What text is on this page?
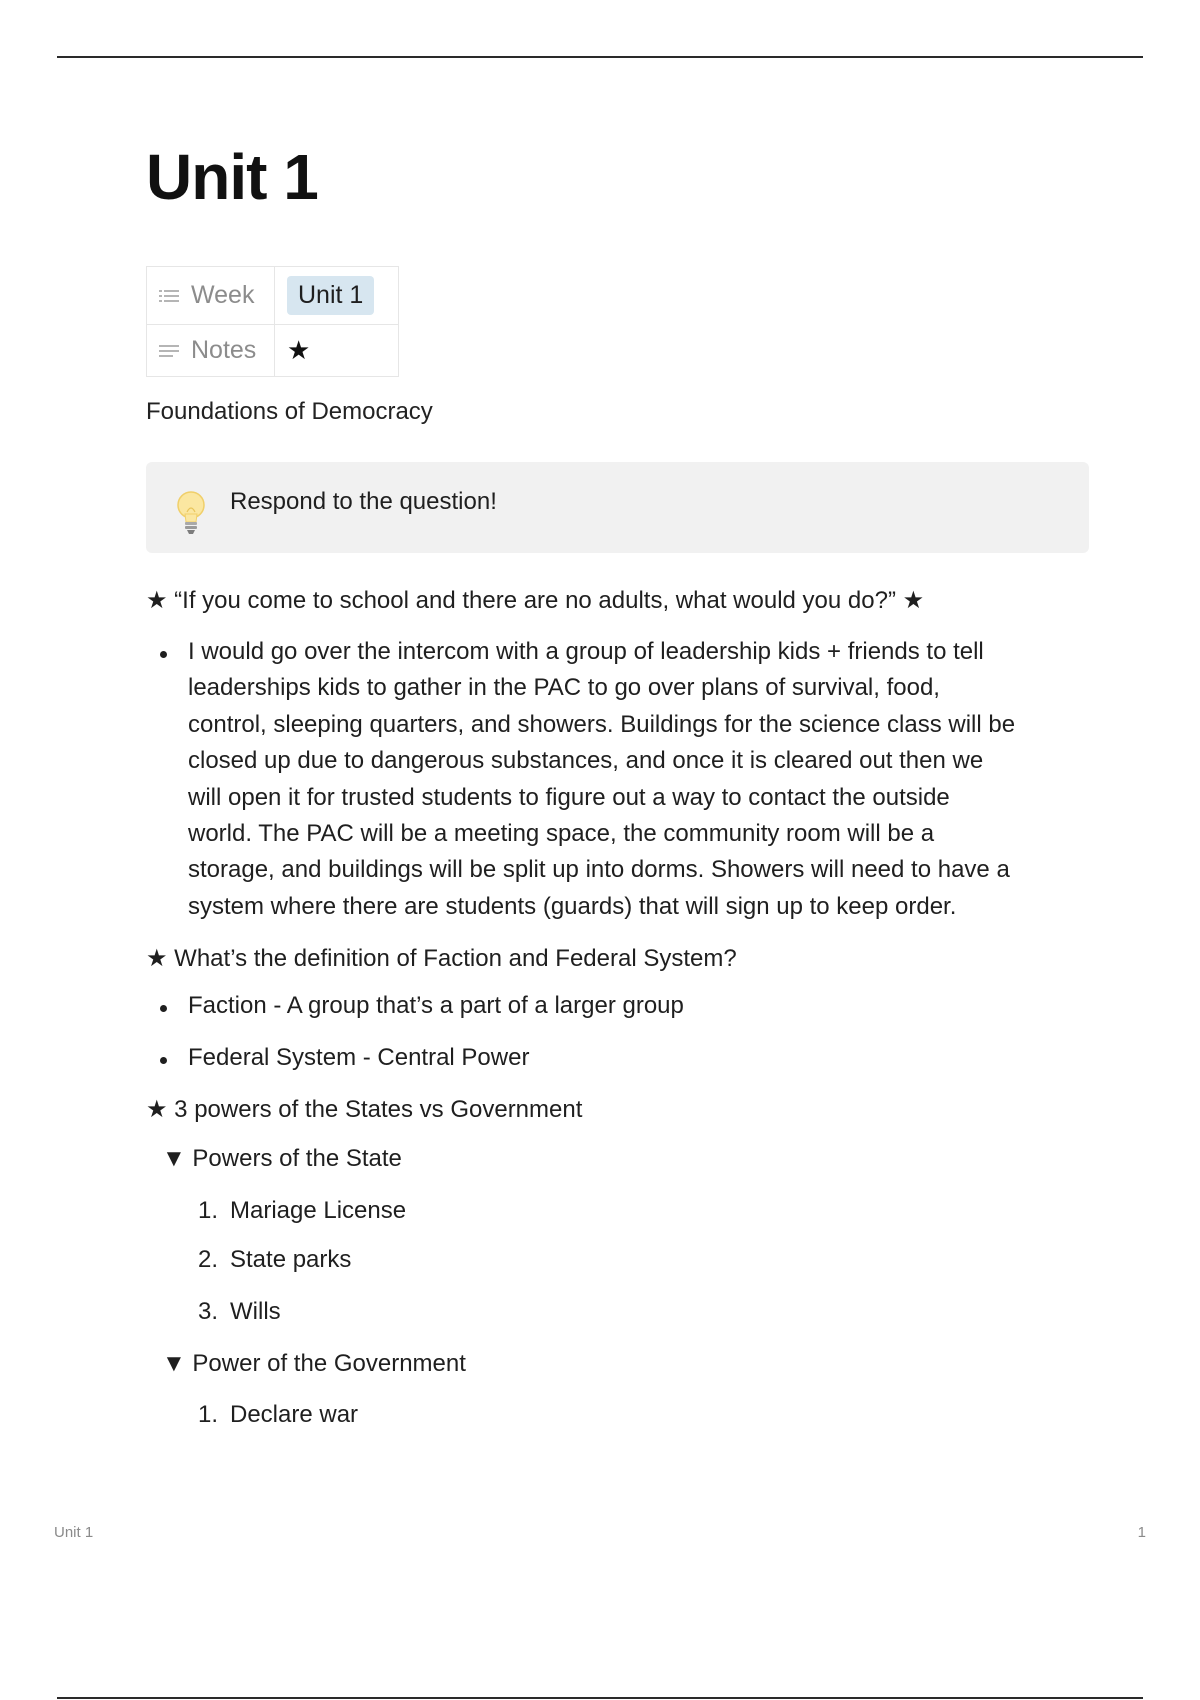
Unit 1
Week	Unit 1
Notes	★
Foundations of Democracy
Respond to the question!
★ “If you come to school and there are no adults, what would you do?” ★
I would go over the intercom with a group of leadership kids + friends to tell
leaderships kids to gather in the PAC to go over plans of survival, food,
control, sleeping quarters, and showers. Buildings for the science class will be
closed up due to dangerous substances, and once it is cleared out then we
will open it for trusted students to figure out a way to contact the outside
world. The PAC will be a meeting space, the community room will be a
storage, and buildings will be split up into dorms. Showers will need to have a
system where there are students (guards) that will sign up to keep order.
★ What’s the definition of Faction and Federal System?
Faction - A group that’s a part of a larger group
Federal System - Central Power
★ 3 powers of the States vs Government
▼ Powers of the State
1. Mariage License
2. State parks
3. Wills
▼ Power of the Government
1. Declare war
Unit 1	1
